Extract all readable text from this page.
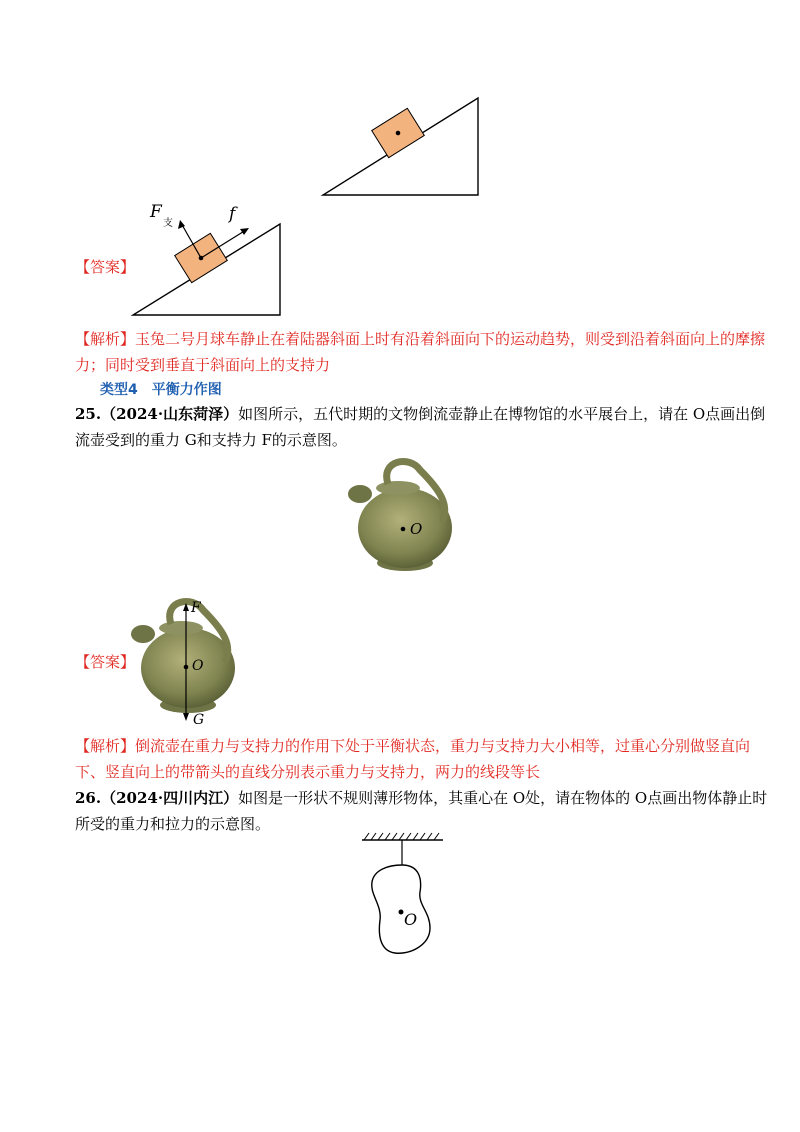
F
支	f
【答案】
【解析】玉兔二号月球车静止在着陆器斜面上时有沿着斜面向下的运动趋势，则受到沿着斜面向上的摩擦
力；同时受到垂直于斜面向上的支持力
类型4　平衡力作图
25.（2024·山东菏泽）如图所示，五代时期的文物倒流壶静止在博物馆的水平展台上，请在 O点画出倒
流壶受到的重力 G和支持力 F的示意图。
O
F
O
G
【答案】
【解析】倒流壶在重力与支持力的作用下处于平衡状态，重力与支持力大小相等，过重心分别做竖直向
下、竖直向上的带箭头的直线分别表示重力与支持力，两力的线段等长
26.（2024·四川内江）如图是一形状不规则薄形物体，其重心在 O处，请在物体的 O点画出物体静止时
所受的重力和拉力的示意图。
O
